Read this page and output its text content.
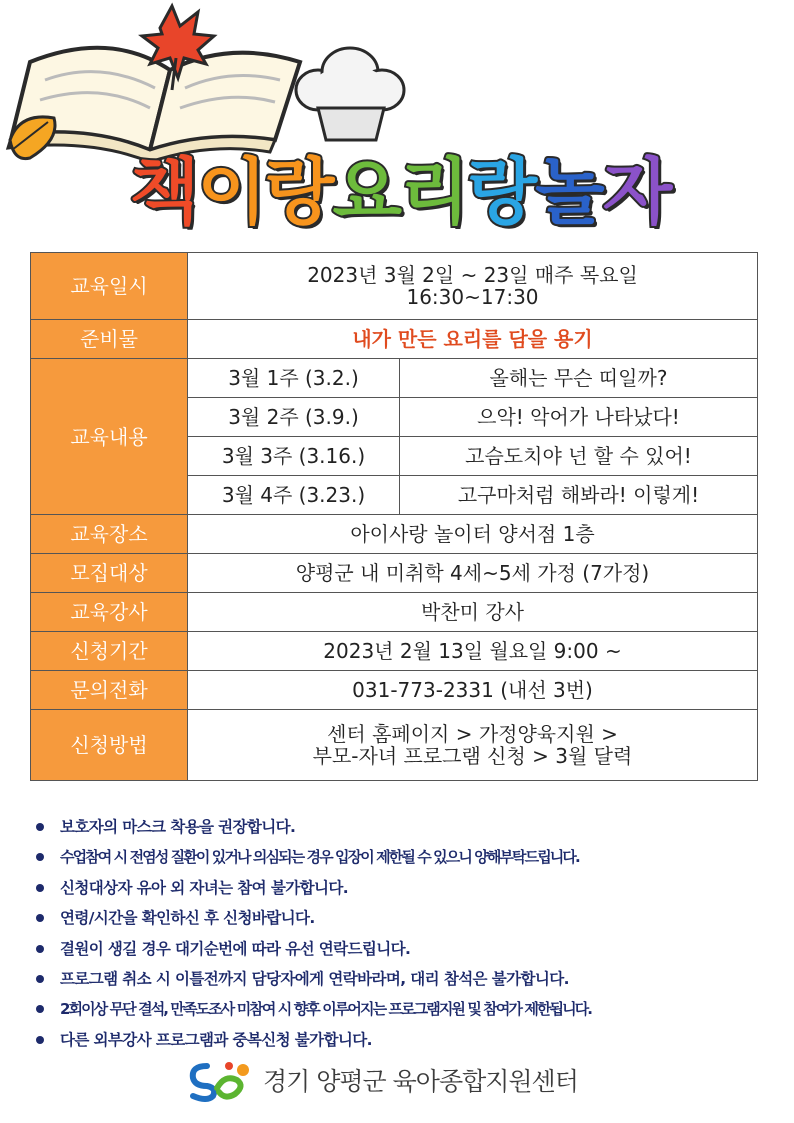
책 이 랑 요 리 랑 놀 자
교육일시	2023년 3월 2일 ~ 23일 매주 목요일
16:30~17:30	

준비물	내가 만든 요리를 담을 용기	
교육내용	3월 1주 (3.2.)	올해는 무슨 띠일까?
	3월 2주 (3.9.)	으악! 악어가 나타났다!
	3월 3주 (3.16.)	고슴도치야 넌 할 수 있어!
	3월 4주 (3.23.)	고구마처럼 해봐라! 이렇게!
교육장소	아이사랑 놀이터 양서점 1층	
모집대상	양평군 내 미취학 4세~5세 가정 (7가정)	
교육강사	박찬미 강사	
신청기간	2023년 2월 13일 월요일 9:00 ~	
문의전화	031-773-2331 (내선 3번)	
신청방법	센터 홈페이지 > 가정양육지원 >
부모-자녀 프로그램 신청 > 3월 달력	
보호자의 마스크 착용을 권장합니다.
수업참여 시 전염성 질환이 있거나 의심되는 경우 입장이 제한될 수 있으니 양해부탁드립니다.
신청대상자 유아 외 자녀는 참여 불가합니다.
연령/시간을 확인하신 후 신청바랍니다.
결원이 생길 경우 대기순번에 따라 유선 연락드립니다.
프로그램 취소 시 이틀전까지 담당자에게 연락바라며, 대리 참석은 불가합니다.
2회이상 무단 결석, 만족도조사 미참여 시 향후 이루어지는 프로그램지원 및 참여가 제한됩니다.
다른 외부강사 프로그램과 중복신청 불가합니다.
경기 양평군 육아종합지원센터
